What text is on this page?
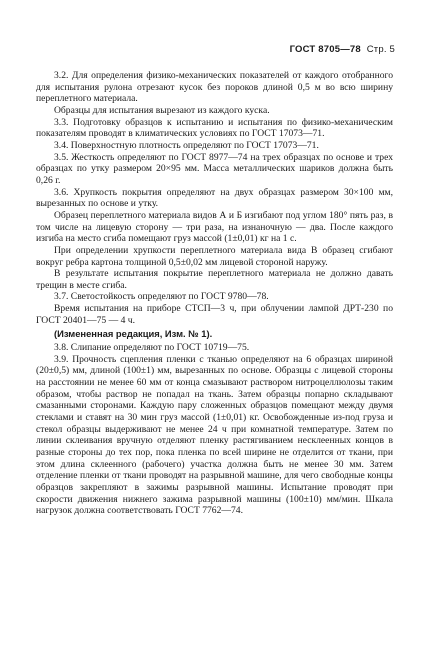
ГОСТ 8705—78 Стр. 5

3.2. Для определения физико-механических показателей от каждого отобранного для испытания рулона отрезают кусок без пороков длиной 0,5 м во всю ширину переплетного материала.

Образцы для испытания вырезают из каждого куска.

3.3. Подготовку образцов к испытанию и испытания по физико-механическим показателям проводят в климатических условиях по ГОСТ 17073—71.

3.4. Поверхностную плотность определяют по ГОСТ 17073—71.

3.5. Жесткость определяют по ГОСТ 8977—74 на трех образцах по основе и трех образцах по утку размером 20×95 мм. Масса металлических шариков должна быть 0,26 г.

3.6. Хрупкость покрытия определяют на двух образцах размером 30×100 мм, вырезанных по основе и утку.

Образец переплетного материала видов А и Б изгибают под углом 180° пять раз, в том числе на лицевую сторону — три раза, на изнаночную — два. После каждого изгиба на место сгиба помещают груз массой (1±0,01) кг на 1 с.

При определении хрупкости переплетного материала вида В образец сгибают вокруг ребра картона толщиной 0,5±0,02 мм лицевой стороной наружу.

В результате испытания покрытие переплетного материала не должно давать трещин в месте сгиба.

3.7. Светостойкость определяют по ГОСТ 9780—78.

Время испытания на приборе СТСП—3 ч, при облучении лампой ДРТ-230 по ГОСТ 20401—75 — 4 ч.

(Измененная редакция, Изм. № 1).

3.8. Слипание определяют по ГОСТ 10719—75.

3.9. Прочность сцепления пленки с тканью определяют на 6 образцах шириной (20±0,5) мм, длиной (100±1) мм, вырезанных по основе. Образцы с лицевой стороны на расстоянии не менее 60 мм от конца смазывают раствором нитроцеллюлозы таким образом, чтобы раствор не попадал на ткань. Затем образцы попарно складывают смазанными сторонами. Каждую пару сложенных образцов помещают между двумя стеклами и ставят на 30 мин груз массой (1±0,01) кг. Освобожденные из-под груза и стекол образцы выдерживают не менее 24 ч при комнатной температуре. Затем по линии склеивания вручную отделяют пленку растягиванием несклеенных концов в разные стороны до тех пор, пока пленка по всей ширине не отделится от ткани, при этом длина склеенного (рабочего) участка должна быть не менее 30 мм. Затем отделение пленки от ткани проводят на разрывной машине, для чего свободные концы образцов закрепляют в зажимы разрывной машины. Испытание проводят при скорости движения нижнего зажима разрывной машины (100±10) мм/мин. Шкала нагрузок должна соответствовать ГОСТ 7762—74.
